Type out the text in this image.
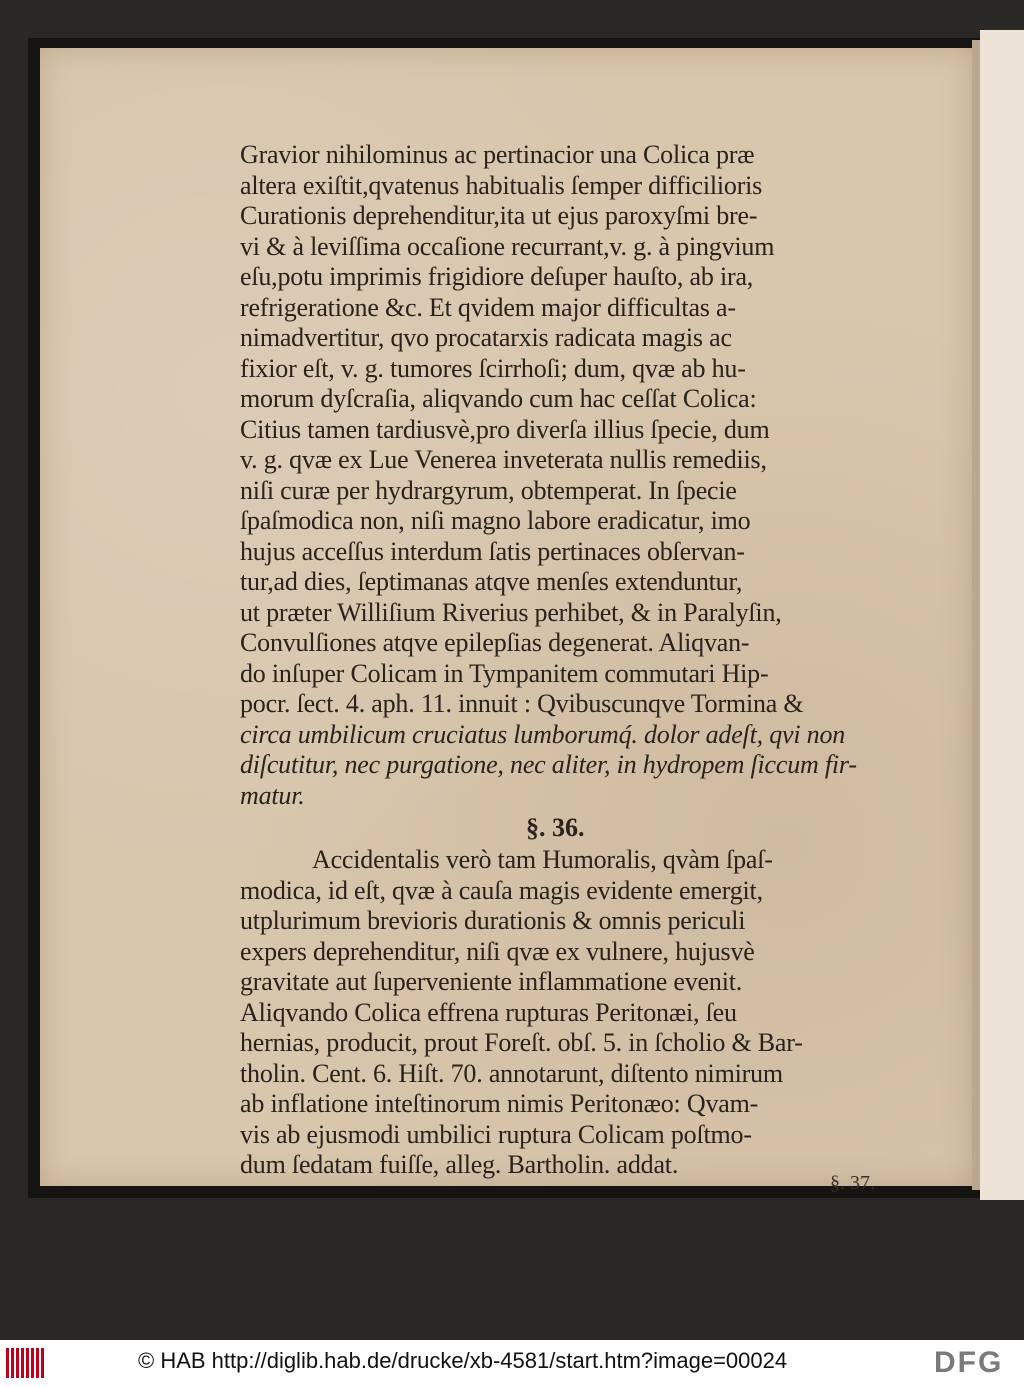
Gravior nihilominus ac pertinacior una Colica præ
altera exiſtit,qvatenus habitualis ſemper difficilioris
Curationis deprehenditur,ita ut ejus paroxyſmi bre-
vi & à leviſſima occaſione recurrant,v. g. à pingvium
eſu,potu imprimis frigidiore deſuper hauſto, ab ira,
refrigeratione &c. Et qvidem major difficultas a-
nimadvertitur, qvo procatarxis radicata magis ac
fixior eſt, v. g. tumores ſcirrhoſi; dum, qvæ ab hu-
morum dyſcraſia, aliqvando cum hac ceſſat Colica:
Citius tamen tardiusvè,pro diverſa illius ſpecie, dum
v. g. qvæ ex Lue Venerea inveterata nullis remediis,
niſi curæ per hydrargyrum, obtemperat. In ſpecie
ſpaſmodica non, niſi magno labore eradicatur, imo
hujus acceſſus interdum ſatis pertinaces obſervan-
tur,ad dies, ſeptimanas atqve menſes extenduntur,
ut præter Williſium Riverius perhibet, & in Paralyſin,
Convulſiones atqve epilepſias degenerat. Aliqvan-
do inſuper Colicam in Tympanitem commutari Hip-
pocr. ſect. 4. aph. 11. innuit : Qvibuscunqve Tormina &
circa umbilicum cruciatus lumborumq́. dolor adeſt, qvi non
diſcutitur, nec purgatione, nec aliter, in hydropem ſiccum fir-
matur.
§. 36.
Accidentalis verò tam Humoralis, qvàm ſpaſ-
modica, id eſt, qvæ à cauſa magis evidente emergit,
utplurimum brevioris durationis & omnis periculi
expers deprehenditur, niſi qvæ ex vulnere, hujusvè
gravitate aut ſuperveniente inflammatione evenit.
Aliqvando Colica effrena rupturas Peritonæi, ſeu
hernias, producit, prout Foreſt. obſ. 5. in ſcholio & Bar-
tholin. Cent. 6. Hiſt. 70. annotarunt, diſtento nimirum
ab inflatione inteſtinorum nimis Peritonæo: Qvam-
vis ab ejusmodi umbilici ruptura Colicam poſtmo-
dum ſedatam fuiſſe, alleg. Bartholin. addat.
§. 37.
© HAB http://diglib.hab.de/drucke/xb-4581/start.htm?image=00024	DFG
